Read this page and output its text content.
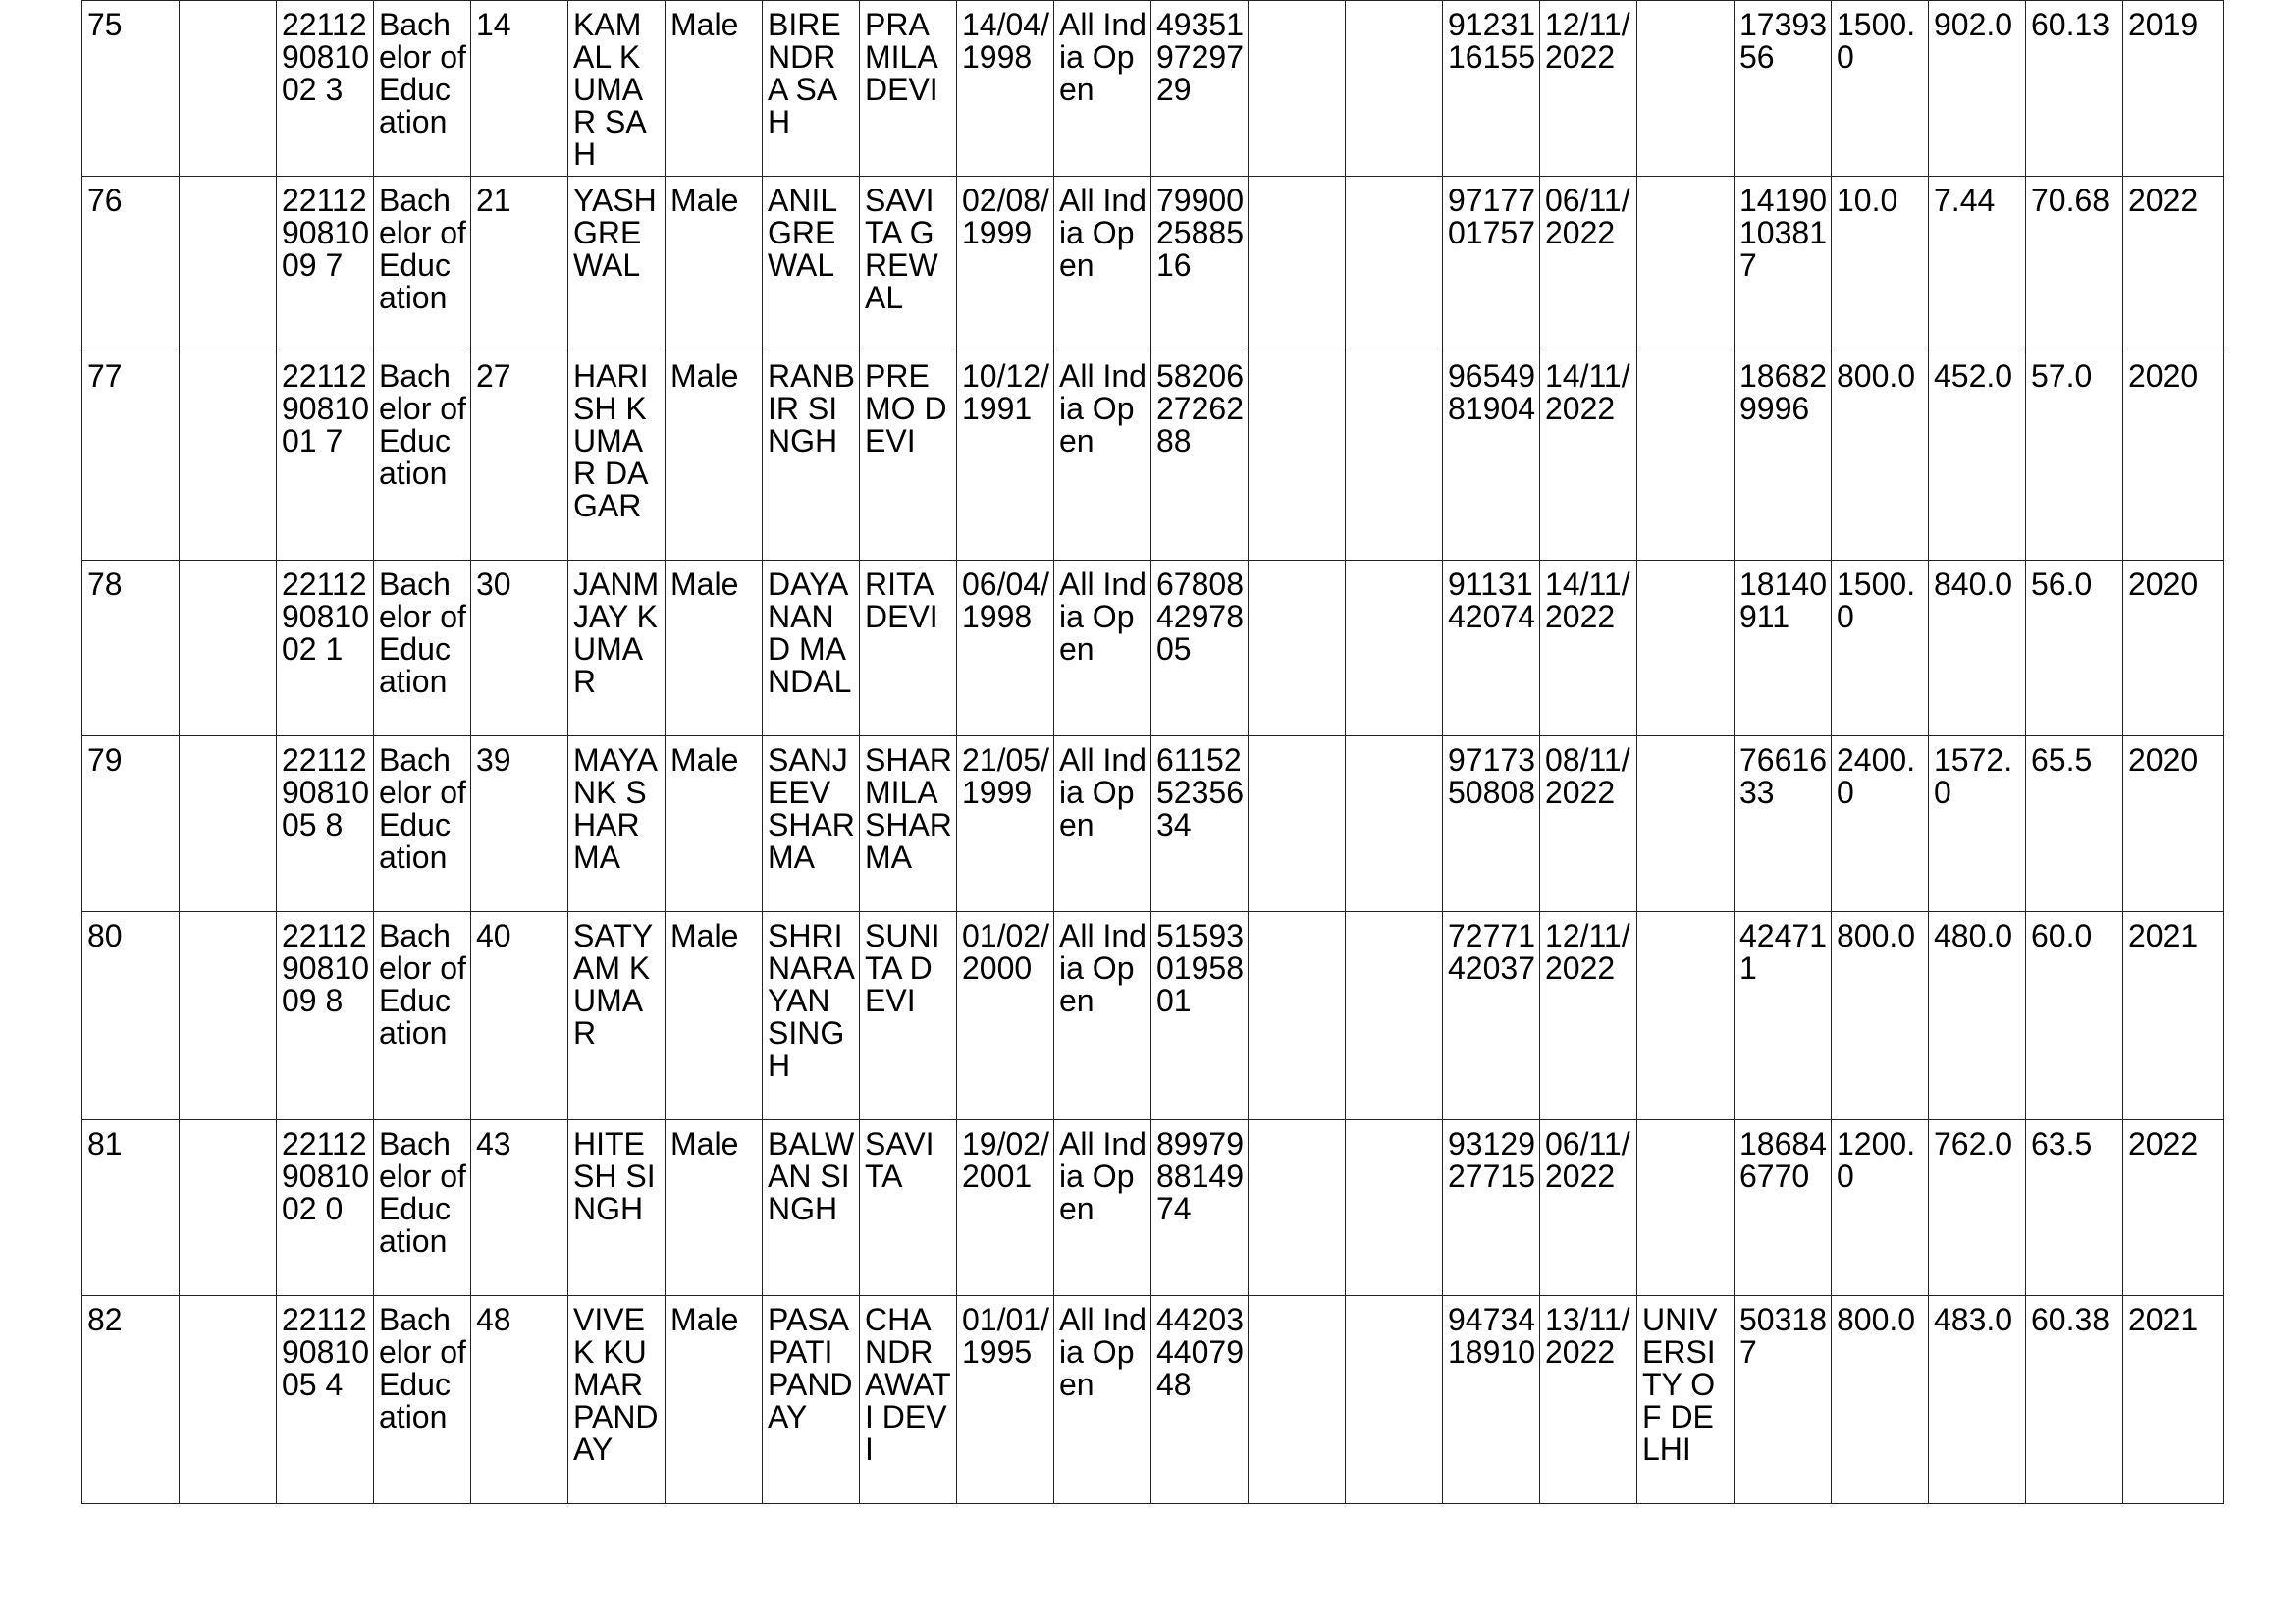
75		221129081002 3	Bachelor of Education	14	KAMAL KUMAR SAH	Male	BIRENDRA SAH	PRAMILA DEVI	14/04/1998	All India Open	493519729729			9123116155	12/11/2022		1739356	1500.0	902.0	60.13	2019
76		221129081009 7	Bachelor of Education	21	YASH GREWAL	Male	ANIL GREWAL	SAVITA GREWAL	02/08/1999	All India Open	799002588516			9717701757	06/11/2022		14190103817	10.0	7.44	70.68	2022
77		221129081001 7	Bachelor of Education	27	HARISH KUMAR DAGAR	Male	RANBIR SINGH	PREMO DEVI	10/12/1991	All India Open	582062726288			9654981904	14/11/2022		186829996	800.0	452.0	57.0	2020
78		221129081002 1	Bachelor of Education	30	JANMJAY KUMAR	Male	DAYANAND MANDAL	RITA DEVI	06/04/1998	All India Open	678084297805			9113142074	14/11/2022		18140911	1500.0	840.0	56.0	2020
79		221129081005 8	Bachelor of Education	39	MAYANK SHARMA	Male	SANJEEV SHARMA	SHARMILA SHARMA	21/05/1999	All India Open	611525235634			9717350808	08/11/2022		7661633	2400.0	1572.0	65.5	2020
80		221129081009 8	Bachelor of Education	40	SATYAM KUMAR	Male	SHRINARAYAN SINGH	SUNITA DEVI	01/02/2000	All India Open	515930195801			7277142037	12/11/2022		424711	800.0	480.0	60.0	2021
81		221129081002 0	Bachelor of Education	43	HITESH SINGH	Male	BALWAN SINGH	SAVITA	19/02/2001	All India Open	899798814974			9312927715	06/11/2022		186846770	1200.0	762.0	63.5	2022
82		221129081005 4	Bachelor of Education	48	VIVEK KUMAR PANDAY	Male	PASAPATI PANDAY	CHANDRAWATI DEVI	01/01/1995	All India Open	442034407948			9473418910	13/11/2022	UNIVERSITY OF DELHI	503187	800.0	483.0	60.38	2021
